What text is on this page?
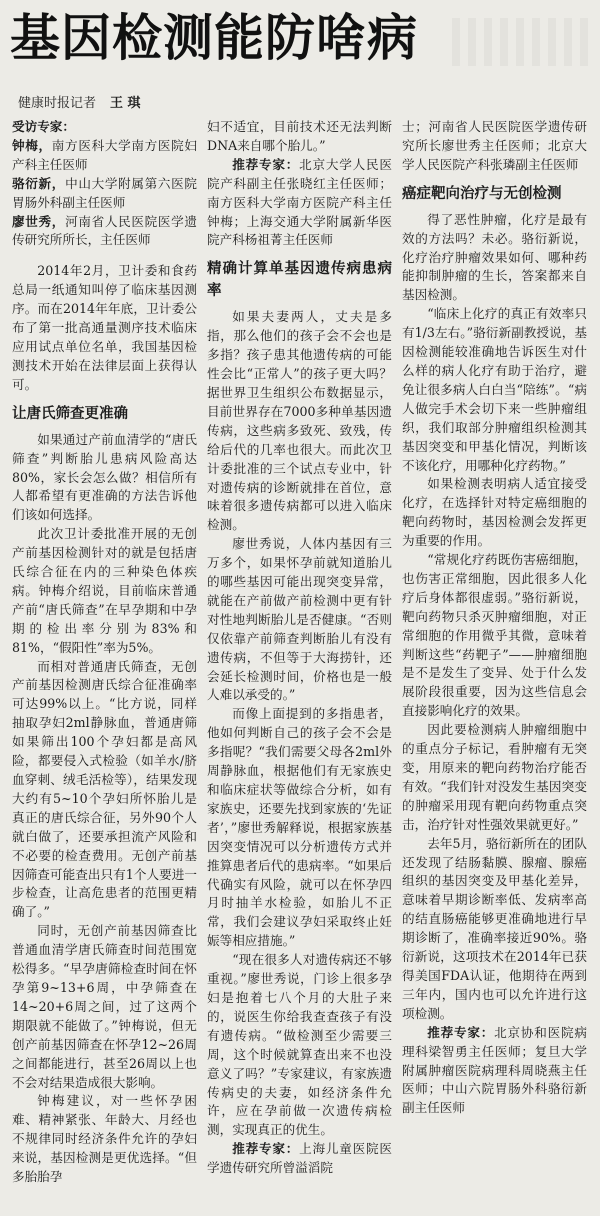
基因检测能防啥病
健康时报记者 王 琪

受访专家：

钟梅，南方医科大学南方医院妇产科主任医师

骆衍新，中山大学附属第六医院胃肠外科副主任医师

廖世秀，河南省人民医院医学遗传研究所所长，主任医师

2014年2月，卫计委和食药总局一纸通知叫停了临床基因测序。而在2014年年底，卫计委公布了第一批高通量测序技术临床应用试点单位名单，我国基因检测技术开始在法律层面上获得认可。

让唐氏筛查更准确

如果通过产前血清学的“唐氏筛查”判断胎儿患病风险高达80%，家长会怎么做？相信所有人都希望有更准确的方法告诉他们该如何选择。

此次卫计委批准开展的无创产前基因检测针对的就是包括唐氏综合征在内的三种染色体疾病。钟梅介绍说，目前临床普通产前“唐氏筛查”在早孕期和中孕期的检出率分别为83%和81%，“假阳性”率为5%。

而相对普通唐氏筛查，无创产前基因检测唐氏综合征准确率可达99%以上。“比方说，同样抽取孕妇2ml静脉血，普通唐筛如果筛出100个孕妇都是高风险，都要侵入式检验（如羊水/脐血穿刺、绒毛活检等），结果发现大约有5~10个孕妇所怀胎儿是真正的唐氏综合征，另外90个人就白做了，还要承担流产风险和不必要的检查费用。无创产前基因筛查可能查出只有1个人要进一步检查，让高危患者的范围更精确了。”

同时，无创产前基因筛查比普通血清学唐氏筛查时间范围宽松得多。“早孕唐筛检查时间在怀孕第9~13+6周，中孕筛查在14~20+6周之间，过了这两个期限就不能做了。”钟梅说，但无创产前基因筛查在怀孕12~26周之间都能进行，甚至26周以上也不会对结果造成很大影响。

钟梅建议，对一些怀孕困难、精神紧张、年龄大、月经也不规律同时经济条件允许的孕妇来说，基因检测是更优选择。“但多胎胎孕

妇不适宜，目前技术还无法判断DNA来自哪个胎儿。”

推荐专家：北京大学人民医院产科副主任张晓红主任医师；南方医科大学南方医院产科主任钟梅；上海交通大学附属新华医院产科杨祖菁主任医师

精确计算单基因遗传病患病率

如果夫妻两人，丈夫是多指，那么他们的孩子会不会也是多指？孩子患其他遗传病的可能性会比“正常人”的孩子更大吗？据世界卫生组织公布数据显示，目前世界存在7000多种单基因遗传病，这些病多致死、致残，传给后代的几率也很大。而此次卫计委批准的三个试点专业中，针对遗传病的诊断就排在首位，意味着很多遗传病都可以进入临床检测。

廖世秀说，人体内基因有三万多个，如果怀孕前就知道胎儿的哪些基因可能出现突变异常，就能在产前做产前检测中更有针对性地判断胎儿是否健康。“否则仅依靠产前筛查判断胎儿有没有遗传病，不但等于大海捞针，还会延长检测时间，价格也是一般人难以承受的。”

而像上面提到的多指患者，他如何判断自己的孩子会不会是多指呢？“我们需要父母各2ml外周静脉血，根据他们有无家族史和临床症状等做综合分析，如有家族史，还要先找到家族的‘先证者’，”廖世秀解释说，根据家族基因突变情况可以分析遗传方式并推算患者后代的患病率。“如果后代确实有风险，就可以在怀孕四月时抽羊水检验，如胎儿不正常，我们会建议孕妇采取终止妊娠等相应措施。”

“现在很多人对遗传病还不够重视。”廖世秀说，门诊上很多孕妇是抱着七八个月的大肚子来的，说医生你给我查查孩子有没有遗传病。“做检测至少需要三周，这个时候就算查出来不也没意义了吗？”专家建议，有家族遗传病史的夫妻，如经济条件允许，应在孕前做一次遗传病检测，实现真正的优生。

推荐专家：上海儿童医院医学遗传研究所曾溢滔院

士；河南省人民医院医学遗传研究所长廖世秀主任医师；北京大学人民医院产科张璘副主任医师

癌症靶向治疗与无创检测

得了恶性肿瘤，化疗是最有效的方法吗？未必。骆衍新说，化疗治疗肿瘤效果如何、哪种药能抑制肿瘤的生长，答案都来自基因检测。

“临床上化疗的真正有效率只有1/3左右。”骆衍新副教授说，基因检测能较准确地告诉医生对什么样的病人化疗有助于治疗，避免让很多病人白白当“陪练”。“病人做完手术会切下来一些肿瘤组织，我们取部分肿瘤组织检测其基因突变和甲基化情况，判断该不该化疗，用哪种化疗药物。”

如果检测表明病人适宜接受化疗，在选择针对特定癌细胞的靶向药物时，基因检测会发挥更为重要的作用。

“常规化疗药既伤害癌细胞，也伤害正常细胞，因此很多人化疗后身体都很虚弱。”骆衍新说，靶向药物只杀灭肿瘤细胞，对正常细胞的作用微乎其微，意味着判断这些“药靶子”——肿瘤细胞是不是发生了变异、处于什么发展阶段很重要，因为这些信息会直接影响化疗的效果。

因此要检测病人肿瘤细胞中的重点分子标记，看肿瘤有无突变，用原来的靶向药物治疗能否有效。“我们针对没发生基因突变的肿瘤采用现有靶向药物重点突击，治疗针对性强效果就更好。”

去年5月，骆衍新所在的团队还发现了结肠黏膜、腺瘤、腺癌组织的基因突变及甲基化差异，意味着早期诊断率低、发病率高的结直肠癌能够更准确地进行早期诊断了，准确率接近90%。骆衍新说，这项技术在2014年已获得美国FDA认证，他期待在两到三年内，国内也可以允许进行这项检测。

推荐专家：北京协和医院病理科梁智勇主任医师；复旦大学附属肿瘤医院病理科周晓燕主任医师；中山六院胃肠外科骆衍新副主任医师
